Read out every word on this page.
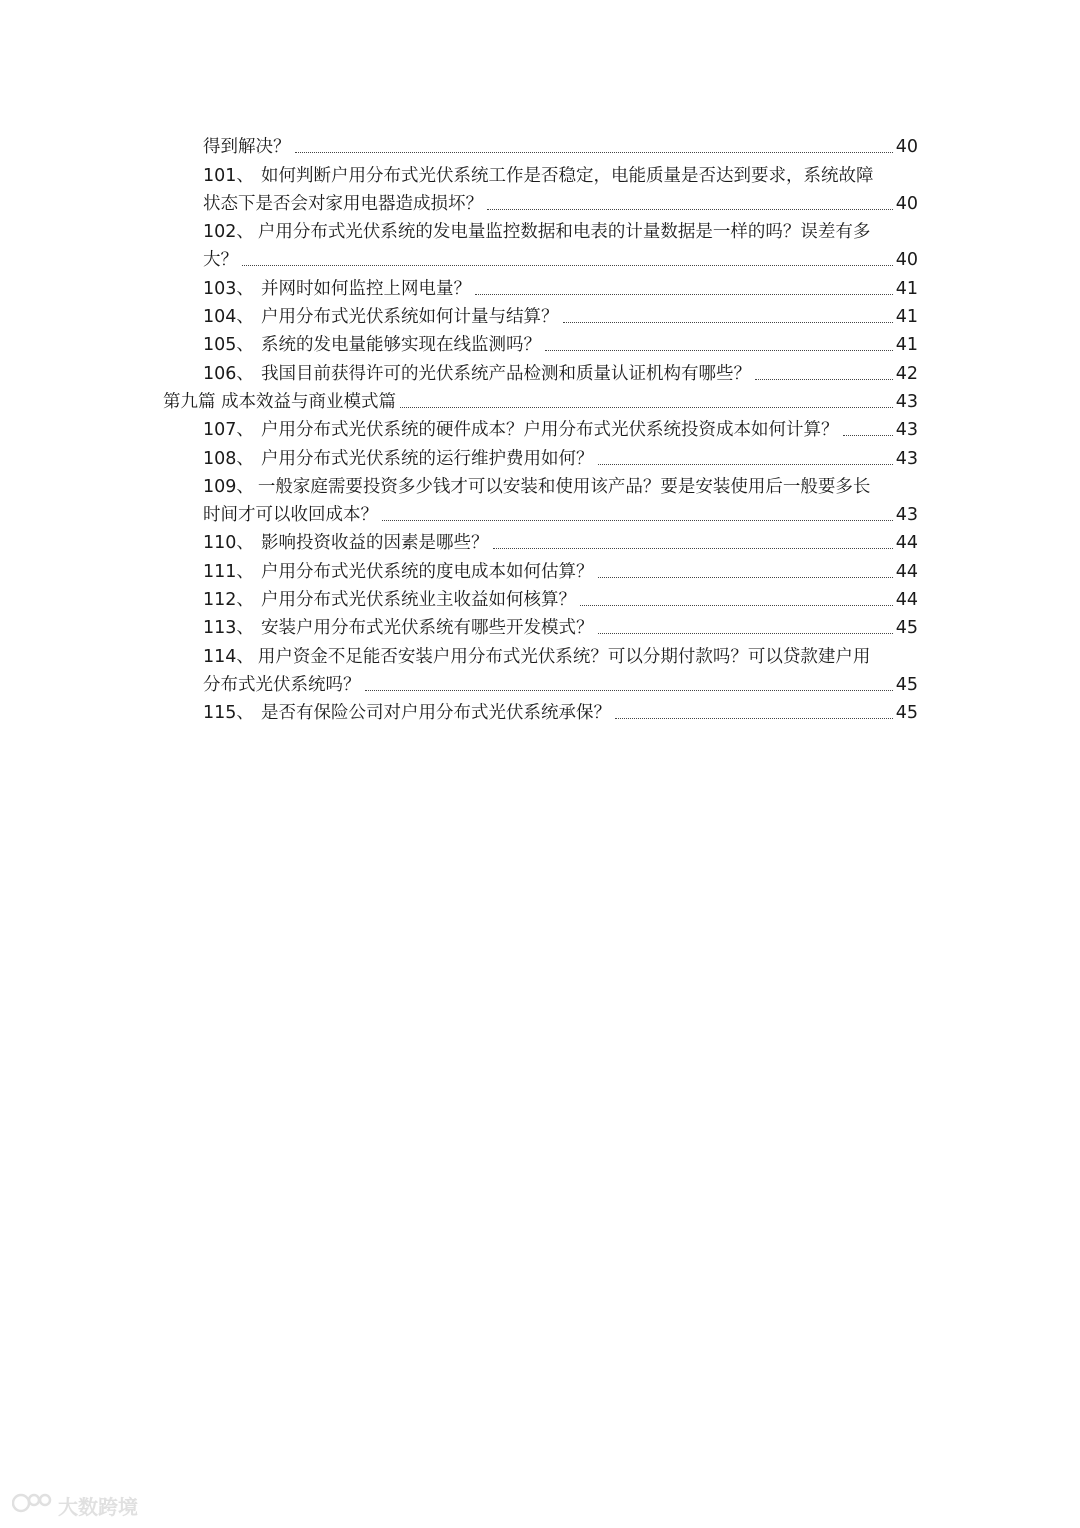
得到解决？	40
101、 如何判断户用分布式光伏系统工作是否稳定，电能质量是否达到要求，系统故障
状态下是否会对家用电器造成损坏？	40
102、 户用分布式光伏系统的发电量监控数据和电表的计量数据是一样的吗？误差有多
大？	40
103、 并网时如何监控上网电量？	41
104、 户用分布式光伏系统如何计量与结算？	41
105、 系统的发电量能够实现在线监测吗？	41
106、 我国目前获得许可的光伏系统产品检测和质量认证机构有哪些？	42
第九篇 成本效益与商业模式篇	43
107、 户用分布式光伏系统的硬件成本？户用分布式光伏系统投资成本如何计算？	43
108、 户用分布式光伏系统的运行维护费用如何？	43
109、 一般家庭需要投资多少钱才可以安装和使用该产品？要是安装使用后一般要多长
时间才可以收回成本？	43
110、 影响投资收益的因素是哪些？	44
111、 户用分布式光伏系统的度电成本如何估算？	44
112、 户用分布式光伏系统业主收益如何核算？	44
113、 安装户用分布式光伏系统有哪些开发模式？	45
114、 用户资金不足能否安装户用分布式光伏系统？可以分期付款吗？可以贷款建户用
分布式光伏系统吗？	45
115、 是否有保险公司对户用分布式光伏系统承保？	45
大数跨境
